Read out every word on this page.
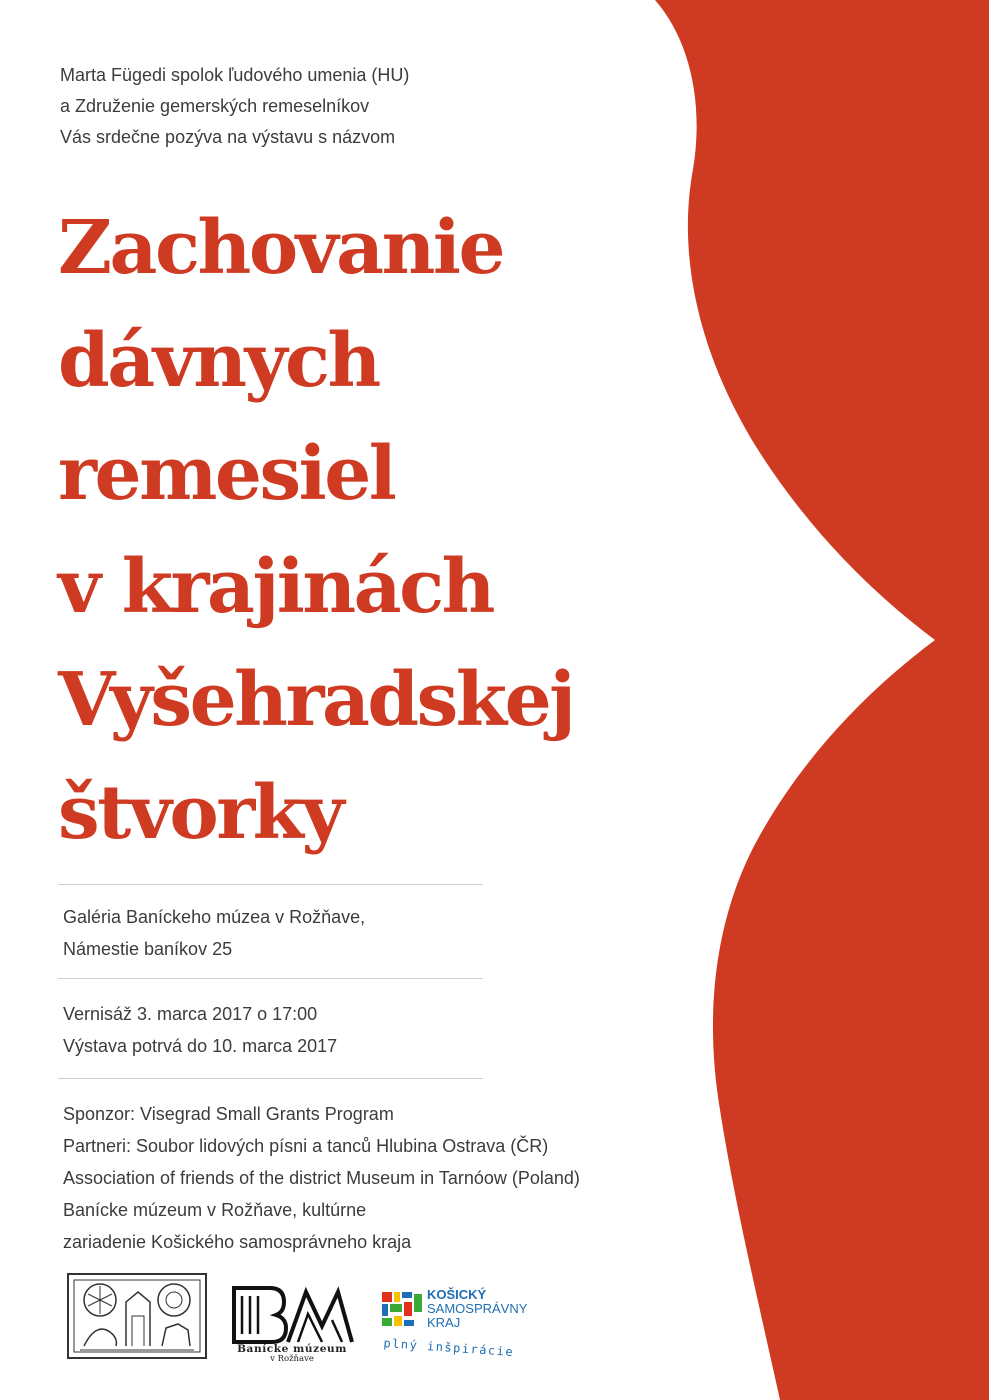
Marta Fügedi spolok ľudového umenia (HU)
a Združenie gemerských remeselníkov
Vás srdečne pozýva na výstavu s názvom
Zachovanie
dávnych
remesiel
v krajinách
Vyšehradskej
štvorky
Galéria Baníckeho múzea v Rožňave,
Námestie baníkov 25
Vernisáž 3. marca 2017 o 17:00
Výstava potrvá do 10. marca 2017
Sponzor: Visegrad Small Grants Program
Partneri: Soubor lidových písni a tanců Hlubina Ostrava (ČR)
Association of friends of the district Museum in Tarnóow (Poland)
Banícke múzeum v Rožňave, kultúrne
zariadenie Košického samosprávneho kraja
Banícke múzeum
v Rožňave
KOŠICKÝ
SAMOSPRÁVNY
KRAJ
plný inšpirácie
